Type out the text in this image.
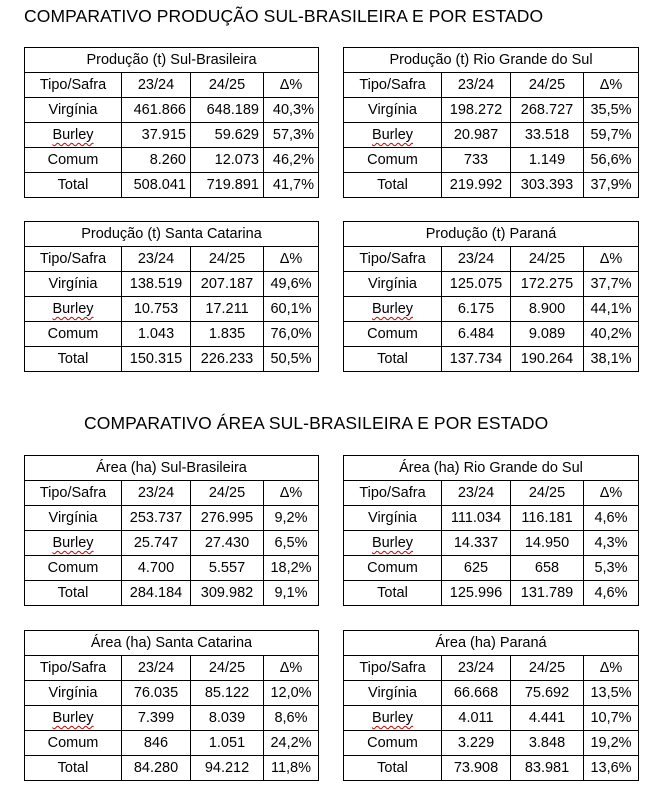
COMPARATIVO PRODUÇÃO SUL-BRASILEIRA E POR ESTADO
COMPARATIVO ÁREA SUL-BRASILEIRA E POR ESTADO
Produção (t) Sul-Brasileira			
Tipo/Safra	23/24	24/25	Δ%
Virgínia	461.866	648.189	40,3%
Burley	37.915	59.629	57,3%
Comum	8.260	12.073	46,2%
Total	508.041	719.891	41,7%
Produção (t) Rio Grande do Sul			
Tipo/Safra	23/24	24/25	Δ%
Virgínia	198.272	268.727	35,5%
Burley	20.987	33.518	59,7%
Comum	733	1.149	56,6%
Total	219.992	303.393	37,9%
Produção (t) Santa Catarina			
Tipo/Safra	23/24	24/25	Δ%
Virgínia	138.519	207.187	49,6%
Burley	10.753	17.211	60,1%
Comum	1.043	1.835	76,0%
Total	150.315	226.233	50,5%
Produção (t) Paraná			
Tipo/Safra	23/24	24/25	Δ%
Virgínia	125.075	172.275	37,7%
Burley	6.175	8.900	44,1%
Comum	6.484	9.089	40,2%
Total	137.734	190.264	38,1%
Área (ha) Sul-Brasileira			
Tipo/Safra	23/24	24/25	Δ%
Virgínia	253.737	276.995	9,2%
Burley	25.747	27.430	6,5%
Comum	4.700	5.557	18,2%
Total	284.184	309.982	9,1%
Área (ha) Rio Grande do Sul			
Tipo/Safra	23/24	24/25	Δ%
Virgínia	111.034	116.181	4,6%
Burley	14.337	14.950	4,3%
Comum	625	658	5,3%
Total	125.996	131.789	4,6%
Área (ha) Santa Catarina			
Tipo/Safra	23/24	24/25	Δ%
Virgínia	76.035	85.122	12,0%
Burley	7.399	8.039	8,6%
Comum	846	1.051	24,2%
Total	84.280	94.212	11,8%
Área (ha) Paraná			
Tipo/Safra	23/24	24/25	Δ%
Virgínia	66.668	75.692	13,5%
Burley	4.011	4.441	10,7%
Comum	3.229	3.848	19,2%
Total	73.908	83.981	13,6%
